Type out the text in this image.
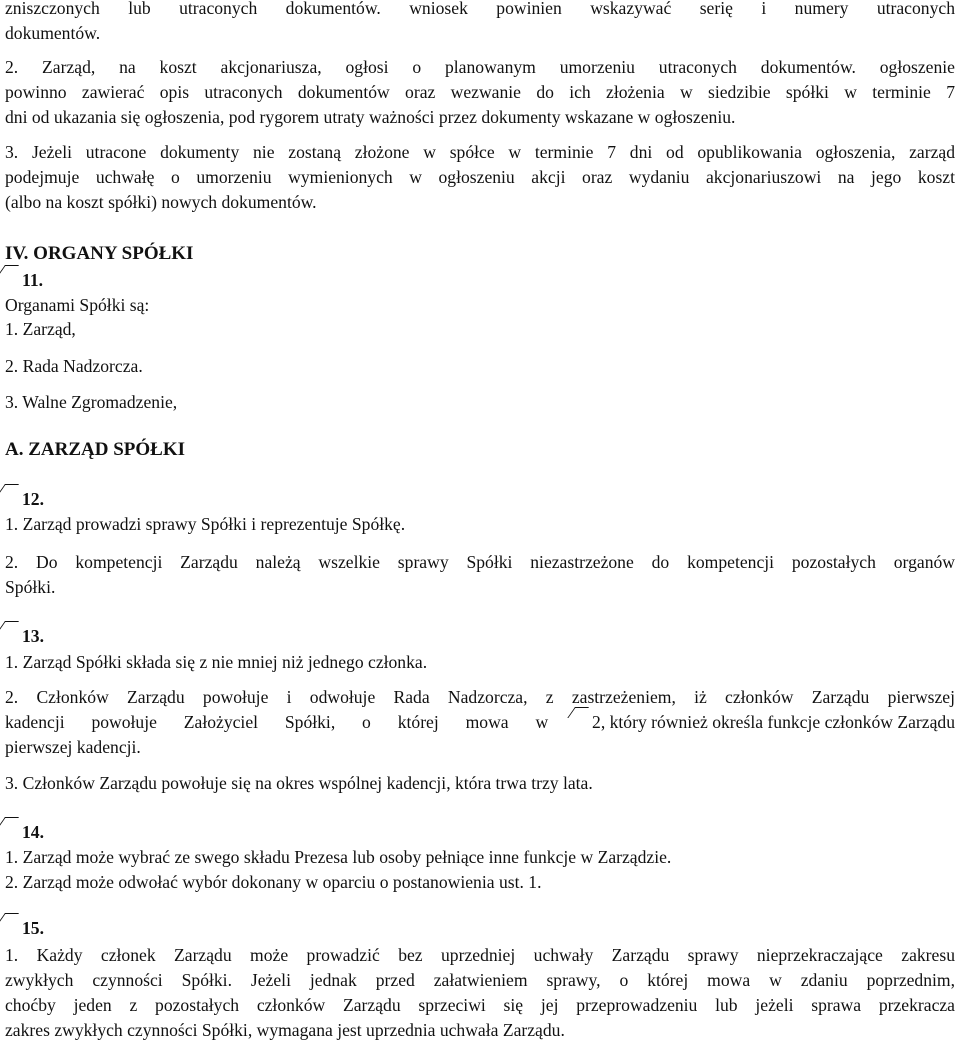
zniszczonych lub utraconych dokumentów. wniosek powinien wskazywać serię i numery utraconych
dokumentów.
2. Zarząd, na koszt akcjonariusza, ogłosi o planowanym umorzeniu utraconych dokumentów. ogłoszenie
powinno zawierać opis utraconych dokumentów oraz wezwanie do ich złożenia w siedzibie spółki w terminie 7
dni od ukazania się ogłoszenia, pod rygorem utraty ważności przez dokumenty wskazane w ogłoszeniu.
3. Jeżeli utracone dokumenty nie zostaną złożone w spółce w terminie 7 dni od opublikowania ogłoszenia, zarząd
podejmuje uchwałę o umorzeniu wymienionych w ogłoszeniu akcji oraz wydaniu akcjonariuszowi na jego koszt
(albo na koszt spółki) nowych dokumentów.
IV. ORGANY SPÓŁKI
11.
Organami Spółki są:
1. Zarząd,
2. Rada Nadzorcza.
3. Walne Zgromadzenie,
A. ZARZĄD SPÓŁKI
12.
1. Zarząd prowadzi sprawy Spółki i reprezentuje Spółkę.
2. Do kompetencji Zarządu należą wszelkie sprawy Spółki niezastrzeżone do kompetencji pozostałych organów
Spółki.
13.
1. Zarząd Spółki składa się z nie mniej niż jednego członka.
2. Członków Zarządu powołuje i odwołuje Rada Nadzorcza, z zastrzeżeniem, iż członków Zarządu pierwszej
kadencji powołuje Założyciel Spółki, o której mowa w 2, który również określa funkcje członków Zarządu
pierwszej kadencji.
3. Członków Zarządu powołuje się na okres wspólnej kadencji, która trwa trzy lata.
14.
1. Zarząd może wybrać ze swego składu Prezesa lub osoby pełniące inne funkcje w Zarządzie.
2. Zarząd może odwołać wybór dokonany w oparciu o postanowienia ust. 1.
15.
1. Każdy członek Zarządu może prowadzić bez uprzedniej uchwały Zarządu sprawy nieprzekraczające zakresu
zwykłych czynności Spółki. Jeżeli jednak przed załatwieniem sprawy, o której mowa w zdaniu poprzednim,
choćby jeden z pozostałych członków Zarządu sprzeciwi się jej przeprowadzeniu lub jeżeli sprawa przekracza
zakres zwykłych czynności Spółki, wymagana jest uprzednia uchwała Zarządu.
